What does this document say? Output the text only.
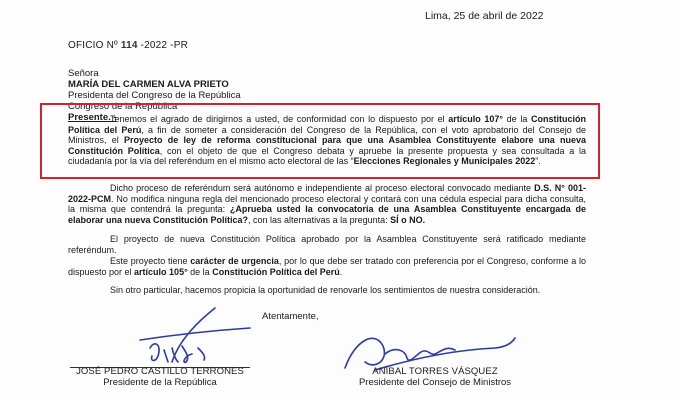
Lima, 25 de abril de 2022
OFICIO Nº 114 -2022 -PR
Señora
MARÍA DEL CARMEN ALVA PRIETO
Presidenta del Congreso de la República
Congreso de la República
Presente. -
Tenemos el agrado de dirigirnos a usted, de conformidad con lo dispuesto por el artículo 107° de la Constitución Política del Perú, a fin de someter a consideración del Congreso de la República, con el voto aprobatorio del Consejo de Ministros, el Proyecto de ley de reforma constitucional para que una Asamblea Constituyente elabore una nueva Constitución Política, con el objeto de que el Congreso debata y apruebe la presente propuesta y sea consultada a la ciudadanía por la vía del referéndum en el mismo acto electoral de las “Elecciones Regionales y Municipales 2022”.
Dicho proceso de referéndum será autónomo e independiente al proceso electoral convocado mediante D.S. N° 001-2022-PCM. No modifica ninguna regla del mencionado proceso electoral y contará con una cédula especial para dicha consulta, la misma que contendrá la pregunta: ¿Aprueba usted la convocatoria de una Asamblea Constituyente encargada de elaborar una nueva Constitución Política?, con las alternativas a la pregunta: SÍ o NO.
El proyecto de nueva Constitución Política aprobado por la Asamblea Constituyente será ratificado mediante referéndum.
Este proyecto tiene carácter de urgencia, por lo que debe ser tratado con preferencia por el Congreso, conforme a lo dispuesto por el artículo 105° de la Constitución Política del Perú.
Sin otro particular, hacemos propicia la oportunidad de renovarle los sentimientos de nuestra consideración.
Atentamente,
JOSÉ PEDRO CASTILLO TERRONES
Presidente de la República
ANÍBAL TORRES VÁSQUEZ
Presidente del Consejo de Ministros
